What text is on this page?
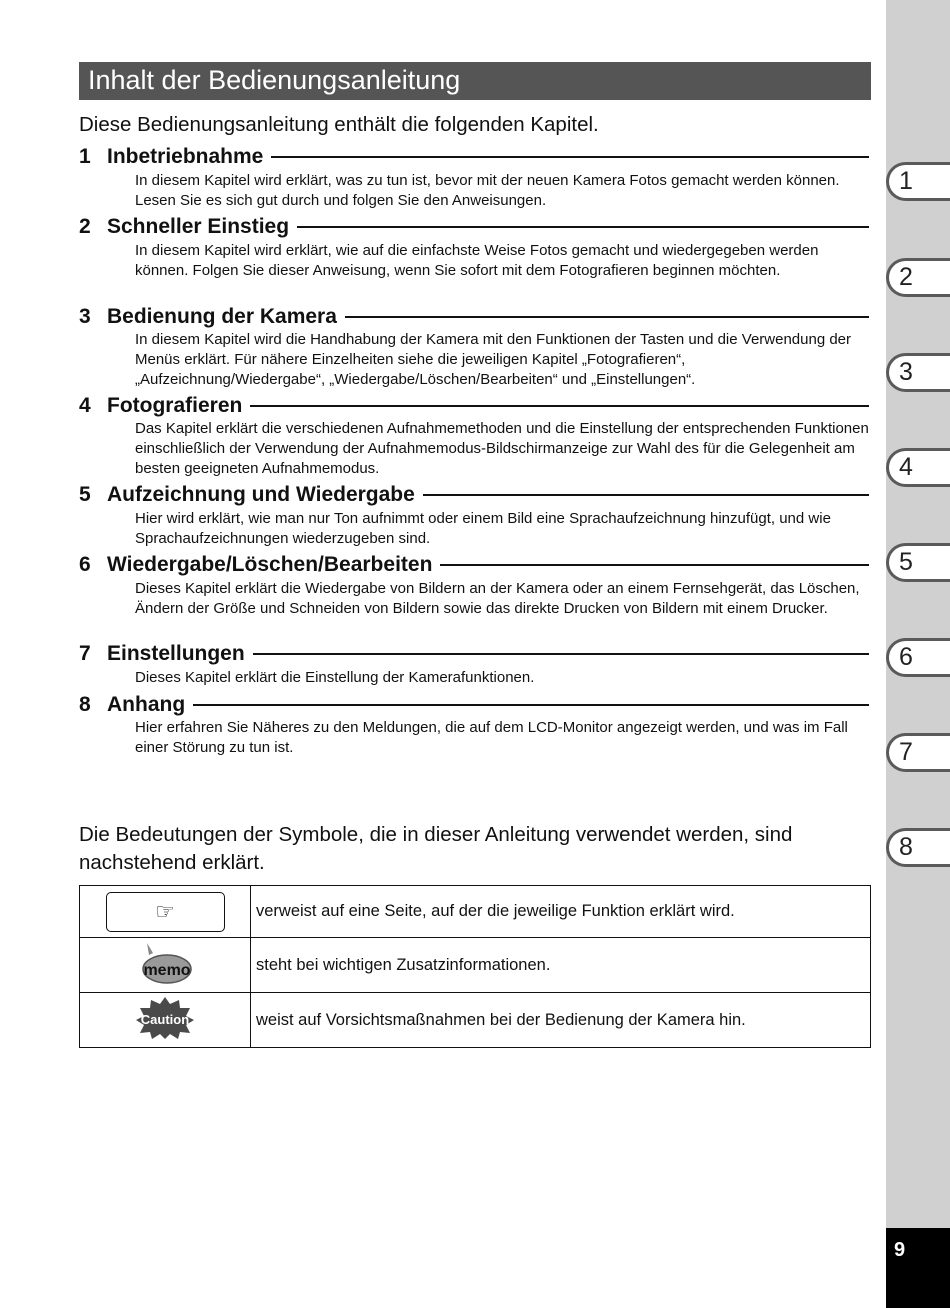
1
2
3
4
5
6
7
8
9
Inhalt der Bedienungsanleitung
Diese Bedienungsanleitung enthält die folgenden Kapitel.
1 Inbetriebnahme
In diesem Kapitel wird erklärt, was zu tun ist, bevor mit der neuen Kamera Fotos gemacht werden können. Lesen Sie es sich gut durch und folgen Sie den Anweisungen.
2 Schneller Einstieg
In diesem Kapitel wird erklärt, wie auf die einfachste Weise Fotos gemacht und wiedergegeben werden können. Folgen Sie dieser Anweisung, wenn Sie sofort mit dem Fotografieren beginnen möchten.
3 Bedienung der Kamera
In diesem Kapitel wird die Handhabung der Kamera mit den Funktionen der Tasten und die Verwendung der Menüs erklärt. Für nähere Einzelheiten siehe die jeweiligen Kapitel „Fotografieren“, „Aufzeichnung/Wiedergabe“, „Wiedergabe/Löschen/Bearbeiten“ und „Einstellungen“.
4 Fotografieren
Das Kapitel erklärt die verschiedenen Aufnahmemethoden und die Einstellung der entsprechenden Funktionen einschließlich der Verwendung der Aufnahmemodus-Bildschirmanzeige zur Wahl des für die Gelegenheit am besten geeigneten Aufnahmemodus.
5 Aufzeichnung und Wiedergabe
Hier wird erklärt, wie man nur Ton aufnimmt oder einem Bild eine Sprachaufzeichnung hinzufügt, und wie Sprachaufzeichnungen wiederzugeben sind.
6 Wiedergabe/Löschen/Bearbeiten
Dieses Kapitel erklärt die Wiedergabe von Bildern an der Kamera oder an einem Fernsehgerät, das Löschen, Ändern der Größe und Schneiden von Bildern sowie das direkte Drucken von Bildern mit einem Drucker.
7 Einstellungen
Dieses Kapitel erklärt die Einstellung der Kamerafunktionen.
8 Anhang
Hier erfahren Sie Näheres zu den Meldungen, die auf dem LCD-Monitor angezeigt werden, und was im Fall einer Störung zu tun ist.
Die Bedeutungen der Symbole, die in dieser Anleitung verwendet werden, sind nachstehend erklärt.
☞	verweist auf eine Seite, auf der die jeweilige Funktion erklärt wird.

memo	steht bei wichtigen Zusatzinformationen.

Caution	weist auf Vorsichtsmaßnahmen bei der Bedienung der Kamera hin.
